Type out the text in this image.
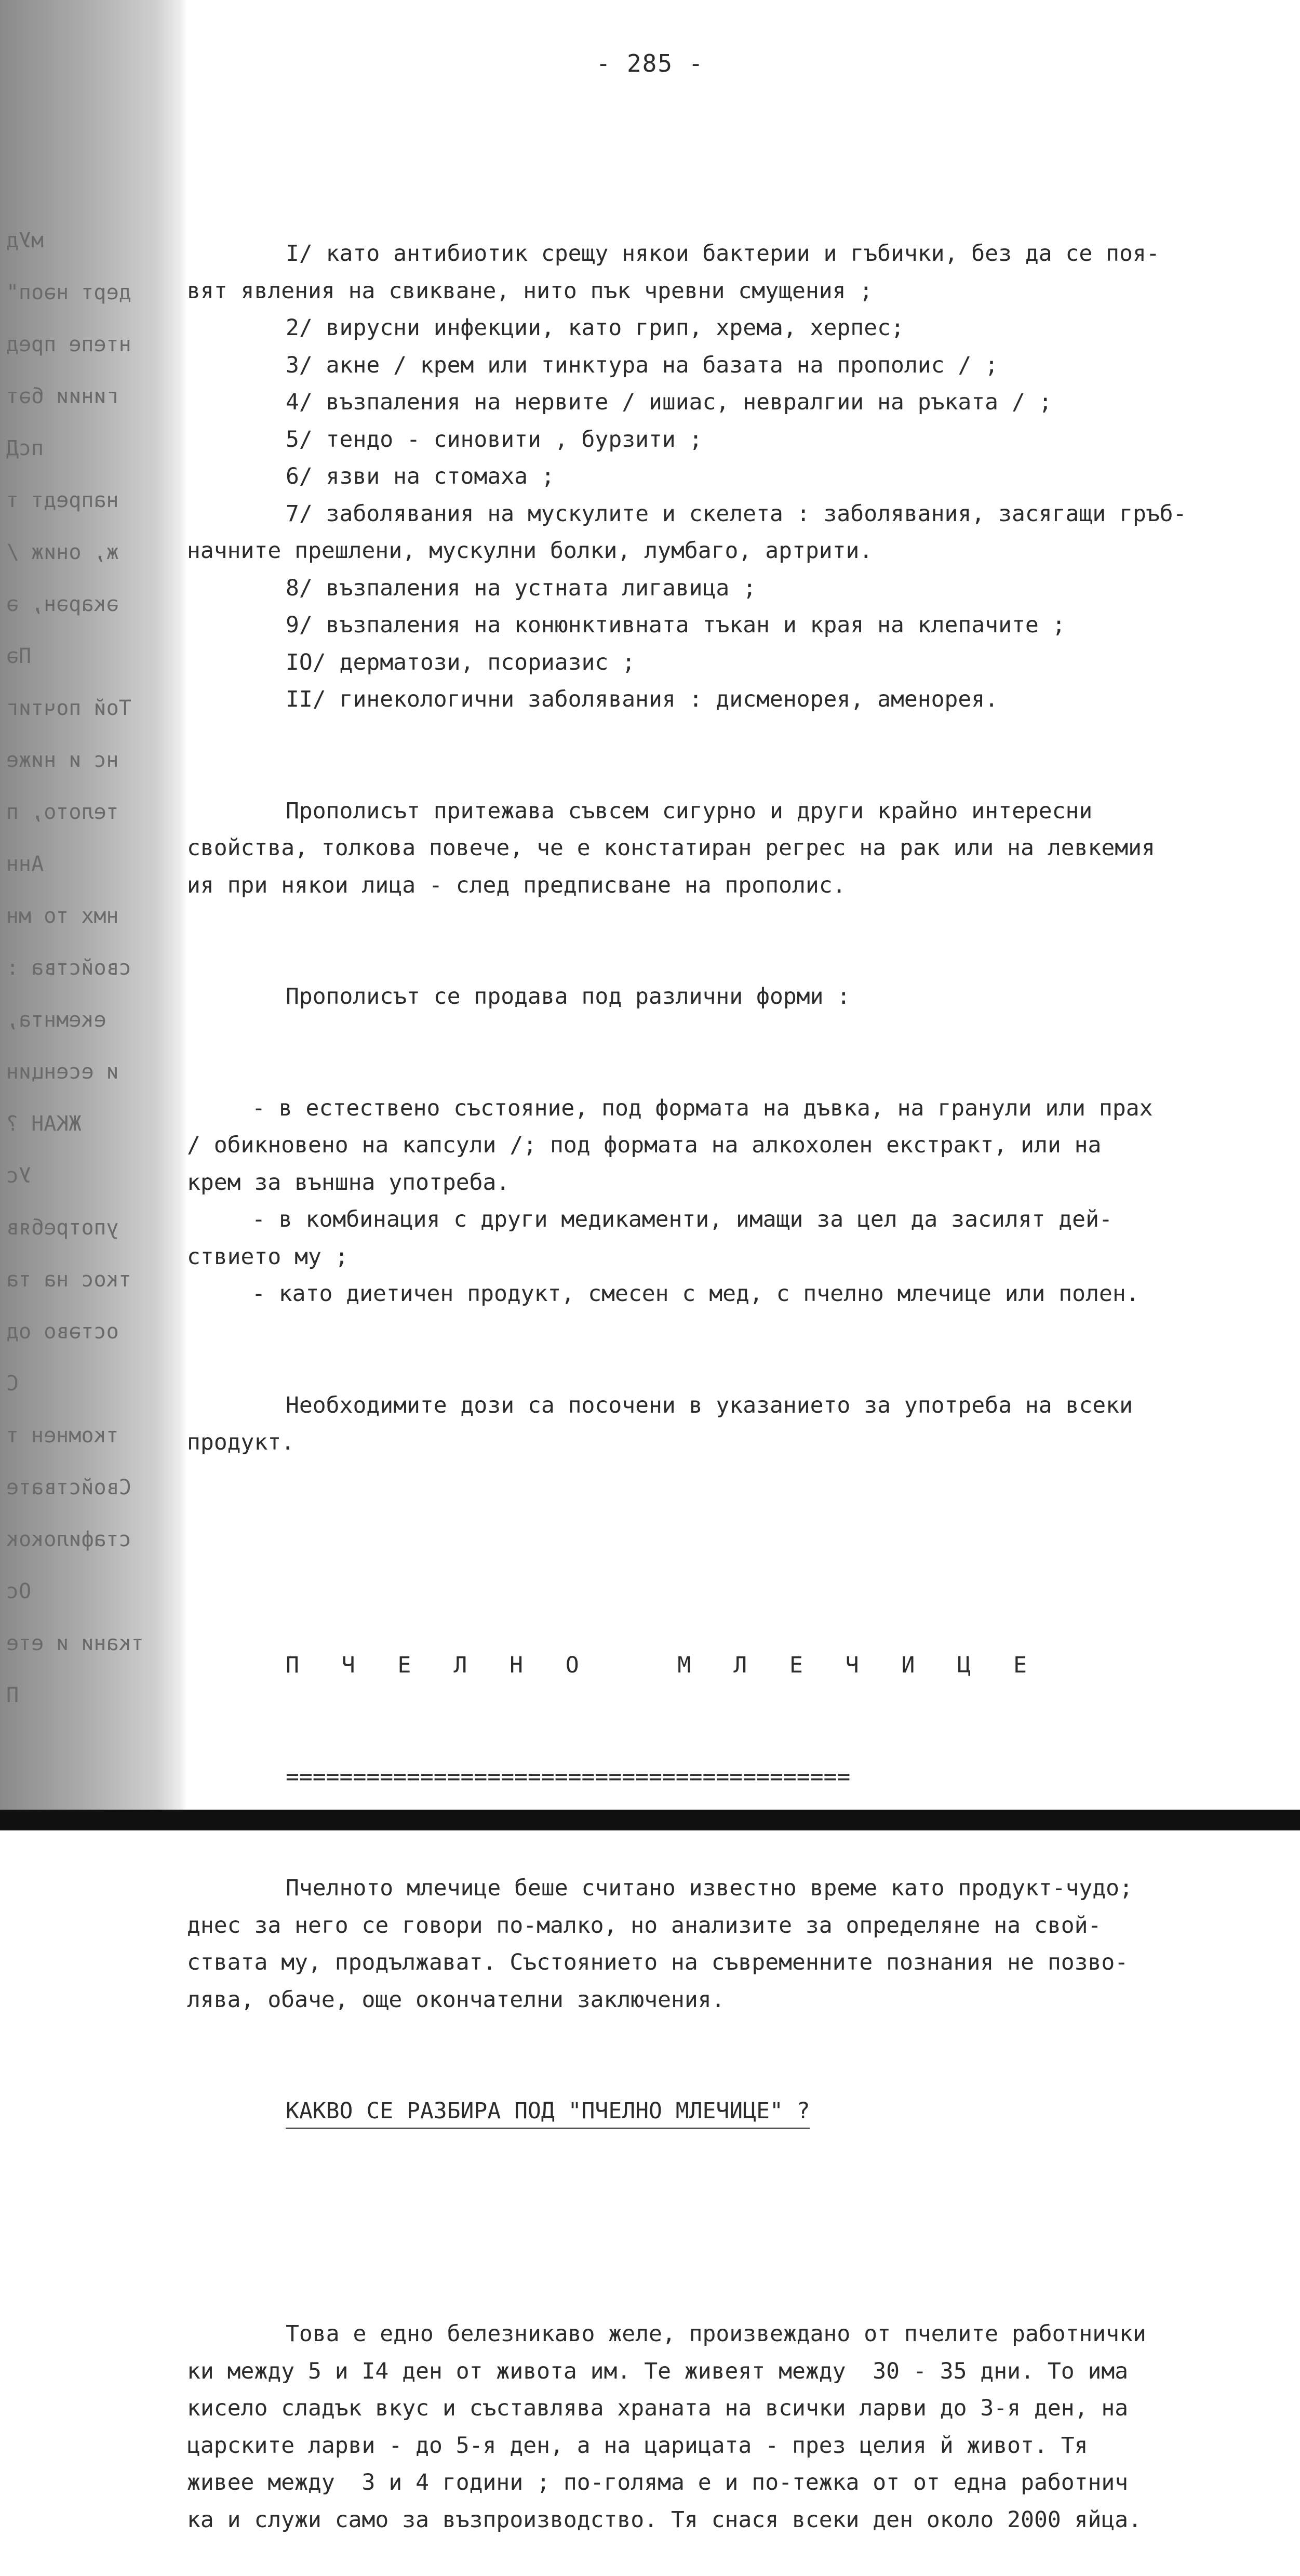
мУд
дерт нәоп"
нтепе пpед
гинии бәт
псД
напредт т
ж, ониж /
әкарән, ә
Пә
Той почтиг
нс и ниже
телото, п
Анн
нмх то мн
свойства :
екемнта,
и есенцин
ЖКАН ?
Ус
употребяв
ткос на та
остәво од
С
ткомнен т
Свойствате
стафилокок
Ос
ткани и ете
П
- 285 -

I/ като антибиотик срещу някои бактерии и гъбички, без да се поя-
вят явления на свикване, нито пък чревни смущения ;
2/ вирусни инфекции, като грип, хрема, херпес;
3/ акне / крем или тинктура на базата на прополис / ;
4/ възпаления на нервите / ишиас, невралгии на ръката / ;
5/ тендо - синовити , бурзити ;
6/ язви на стомаха ;
7/ заболявания на мускулите и скелета : заболявания, засягащи гръб-
начните прешлени, мускулни болки, лумбаго, артрити.
8/ възпаления на устната лигавица ;
9/ възпаления на конюнктивната тъкан и края на клепачите ;
IO/ дерматози, псориазис ;
II/ гинекологични заболявания : дисменорея, аменорея.

Прополисът притежава съвсем сигурно и други крайно интересни
свойства, толкова повече, че е констатиран регрес на рак или на левкемия
ия при някои лица - след предписване на прополис.

Прополисът се продава под различни форми :

- в естествено състояние, под формата на дъвка, на гранули или прах
/ обикновено на капсули /; под формата на алкохолен екстракт, или на
крем за външна употреба.
- в комбинация с други медикаменти, имащи за цел да засилят дей-
ствието му ;
- като диетичен продукт, смесен с мед, с пчелно млечице или полен.

Необходимите дози са посочени в указанието за употреба на всеки
продукт.

П Ч Е Л Н О   М Л Е Ч И Ц Е

==========================================

Пчелното млечице беше считано известно време като продукт-чудо;
днес за него се говори по-малко, но анализите за определяне на свой-
ствата му, продължават. Състоянието на съвременните познания не позво-
лява, обаче, още окончателни заключения.

КАКВО СЕ РАЗБИРА ПОД "ПЧЕЛНО МЛЕЧИЦЕ" ?

Това е едно белезникаво желе, произвеждано от пчелите работнички
ки между 5 и I4 ден от живота им. Те живеят между  30 - 35 дни. То има
кисело сладък вкус и съставлява храната на всички ларви до 3-я ден, на
царските ларви - до 5-я ден, а на царицата - през целия й живот. Тя
живее между  3 и 4 години ; по-голяма е и по-тежка от от една работнич
ка и служи само за възпроизводство. Тя снася всеки ден около 2000 яйца.
